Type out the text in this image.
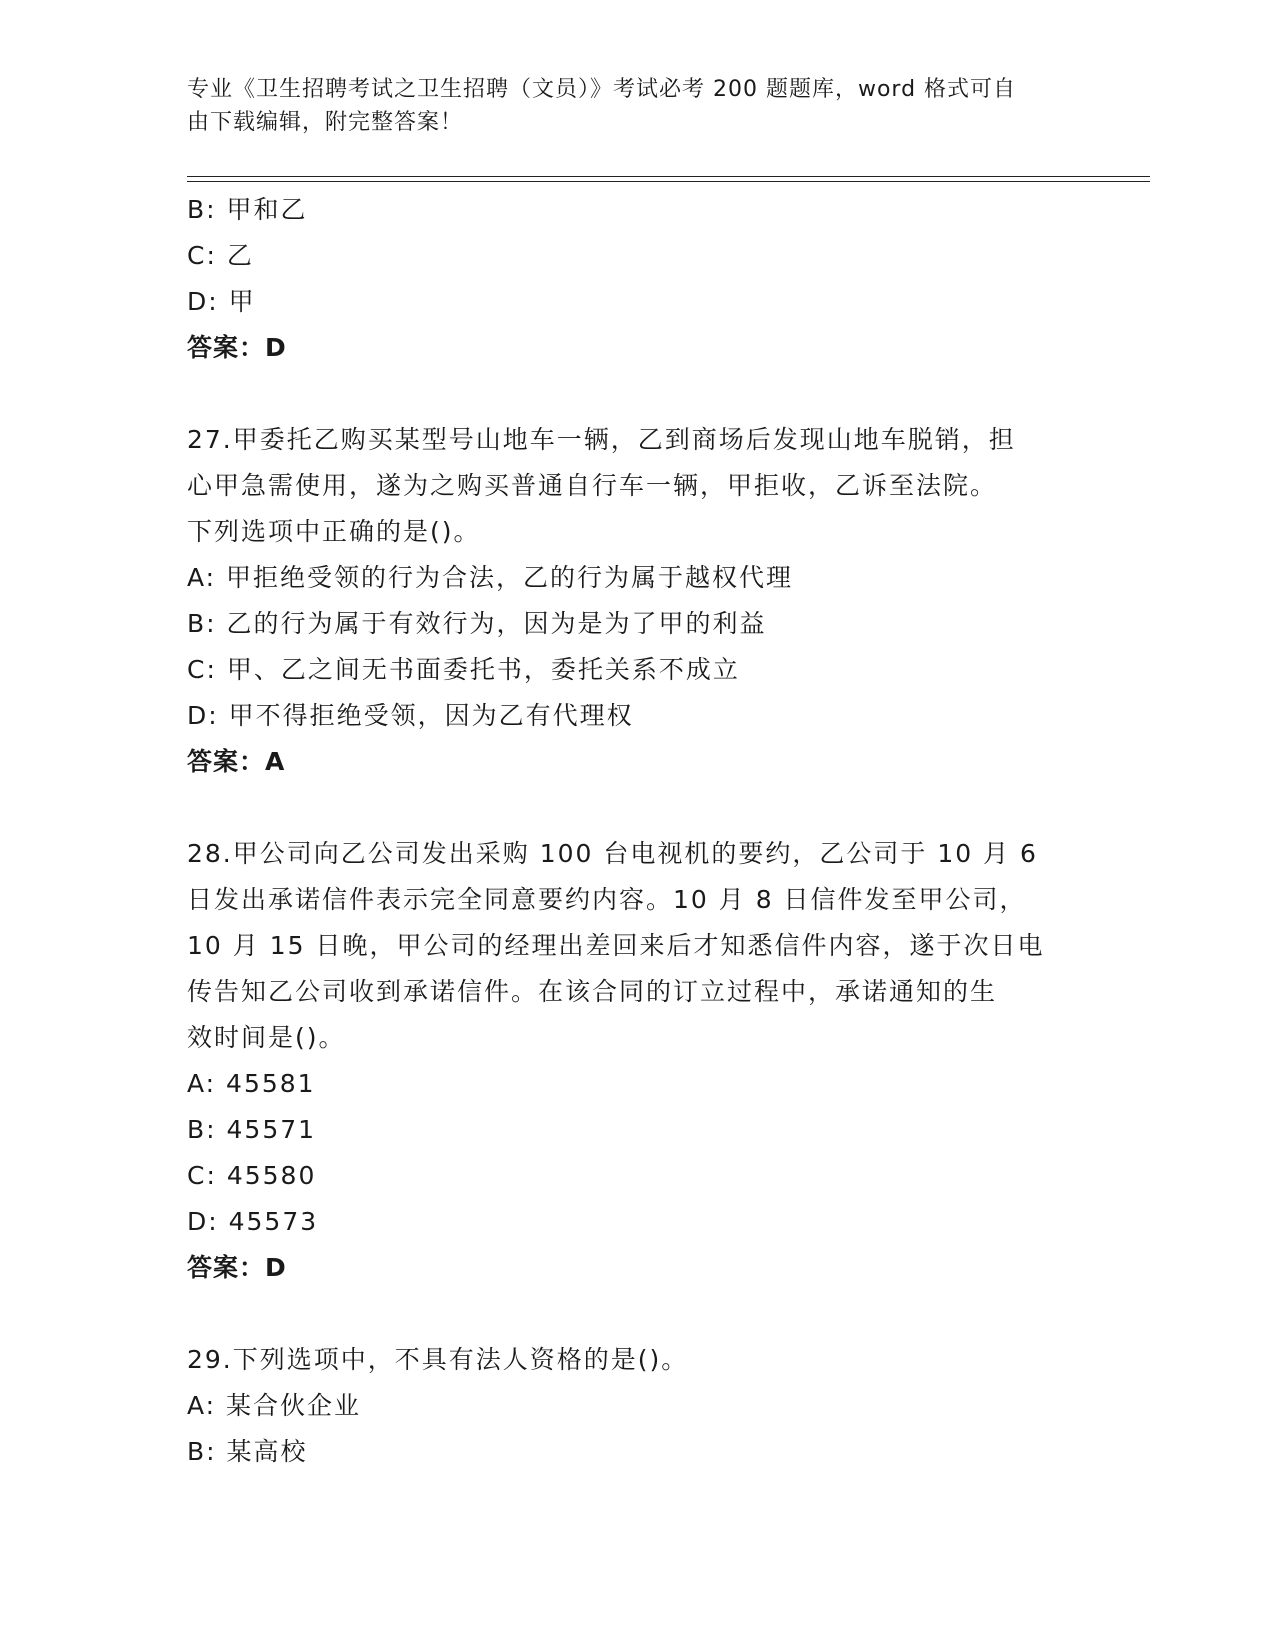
专业《卫生招聘考试之卫生招聘（文员）》考试必考 200 题题库，word 格式可自
由下载编辑，附完整答案！
B: 甲和乙
C: 乙
D: 甲
答案：D
27.甲委托乙购买某型号山地车一辆，乙到商场后发现山地车脱销，担
心甲急需使用，遂为之购买普通自行车一辆，甲拒收，乙诉至法院。
下列选项中正确的是()。
A: 甲拒绝受领的行为合法，乙的行为属于越权代理
B: 乙的行为属于有效行为，因为是为了甲的利益
C: 甲、乙之间无书面委托书，委托关系不成立
D: 甲不得拒绝受领，因为乙有代理权
答案：A
28.甲公司向乙公司发出采购 100 台电视机的要约，乙公司于 10 月 6
日发出承诺信件表示完全同意要约内容。10 月 8 日信件发至甲公司，
10 月 15 日晚，甲公司的经理出差回来后才知悉信件内容，遂于次日电
传告知乙公司收到承诺信件。在该合同的订立过程中，承诺通知的生
效时间是()。
A: 45581
B: 45571
C: 45580
D: 45573
答案：D
29.下列选项中，不具有法人资格的是()。
A: 某合伙企业
B: 某高校
